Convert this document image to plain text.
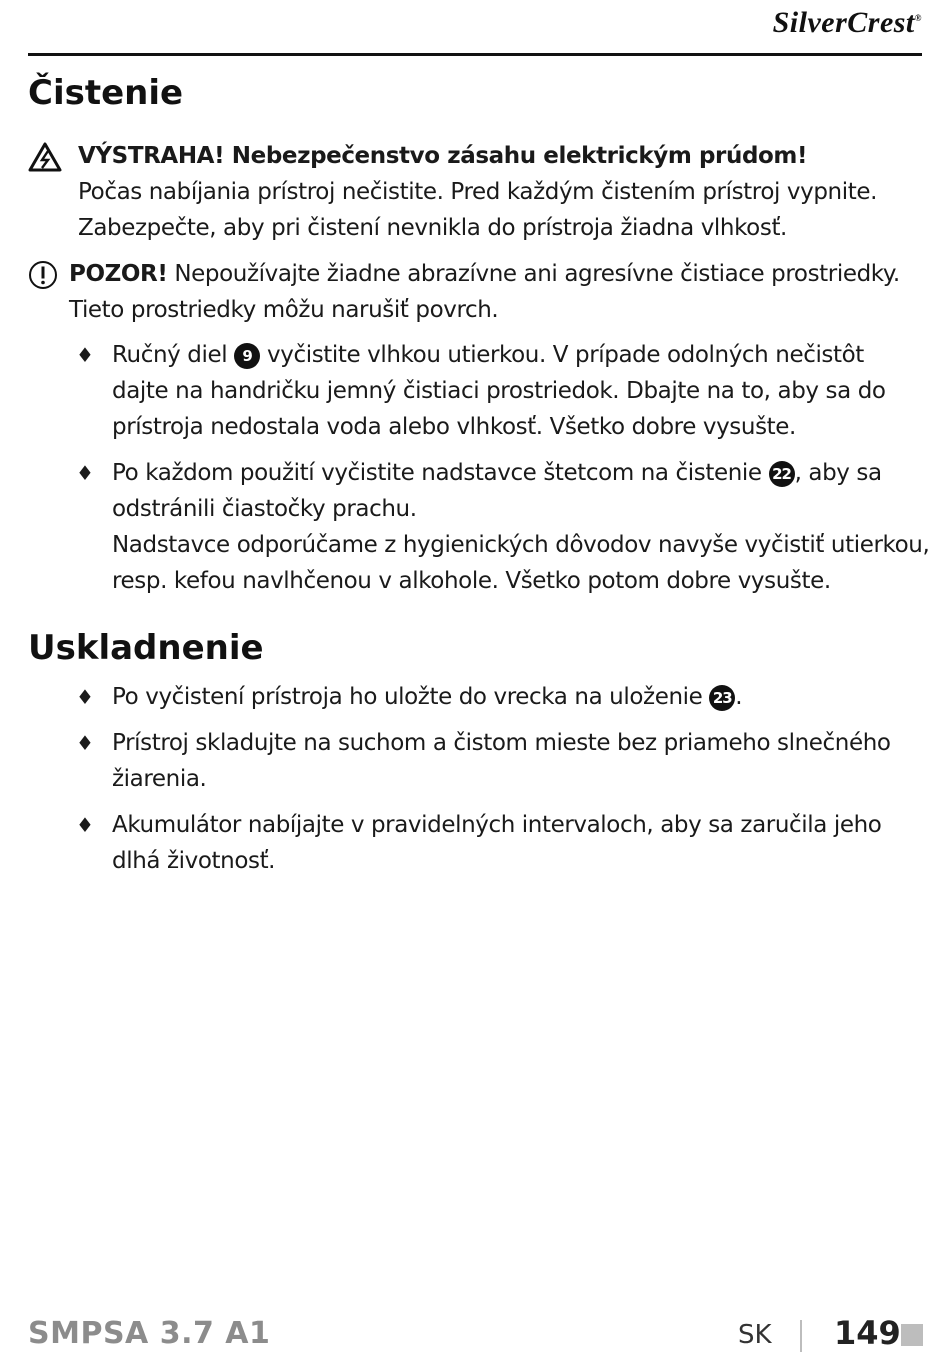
SilverCrest®
Čistenie
VÝSTRAHA! Nebezpečenstvo zásahu elektrickým prúdom!
Počas nabíjania prístroj nečistite. Pred každým čistením prístroj vypnite.
Zabezpečte, aby pri čistení nevnikla do prístroja žiadna vlhkosť.
POZOR! Nepoužívajte žiadne abrazívne ani agresívne čistiace prostriedky.
Tieto prostriedky môžu narušiť povrch.
♦ Ručný diel 9 vyčistite vlhkou utierkou. V prípade odolných nečistôt
dajte na handričku jemný čistiaci prostriedok. Dbajte na to, aby sa do
prístroja nedostala voda alebo vlhkosť. Všetko dobre vysušte.
♦ Po každom použití vyčistite nadstavce štetcom na čistenie 22 , aby sa
odstránili čiastočky prachu.
Nadstavce odporúčame z hygienických dôvodov navyše vyčistiť utierkou,
resp. kefou navlhčenou v alkohole. Všetko potom dobre vysušte.
Uskladnenie
♦ Po vyčistení prístroja ho uložte do vrecka na uloženie 23 .
♦ Prístroj skladujte na suchom a čistom mieste bez priameho slnečného
žiarenia.
♦ Akumulátor nabíjajte v pravidelných intervaloch, aby sa zaručila jeho
dlhá životnosť.
SMPSA 3.7 A1	SK 149
